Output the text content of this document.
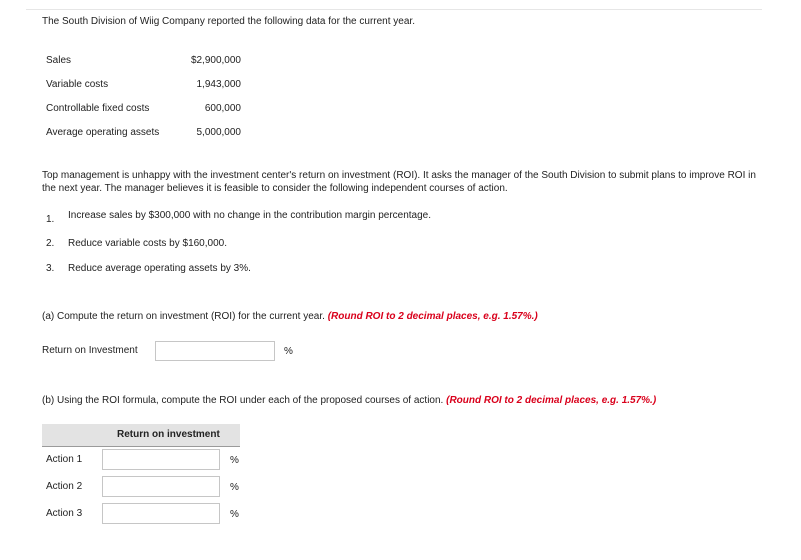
The South Division of Wiig Company reported the following data for the current year.
Sales	$2,900,000
Variable costs	1,943,000
Controllable fixed costs	600,000
Average operating assets	5,000,000
Top management is unhappy with the investment center's return on investment (ROI). It asks the manager of the South Division to submit plans to improve ROI in the next year. The manager believes it is feasible to consider the following independent courses of action.
1. Increase sales by $300,000 with no change in the contribution margin percentage.
2. Reduce variable costs by $160,000.
3. Reduce average operating assets by 3%.
(a) Compute the return on investment (ROI) for the current year. (Round ROI to 2 decimal places, e.g. 1.57%.)
Return on Investment	%
(b) Using the ROI formula, compute the ROI under each of the proposed courses of action. (Round ROI to 2 decimal places, e.g. 1.57%.)
Return on investment
Action 1	%
Action 2	%
Action 3	%
